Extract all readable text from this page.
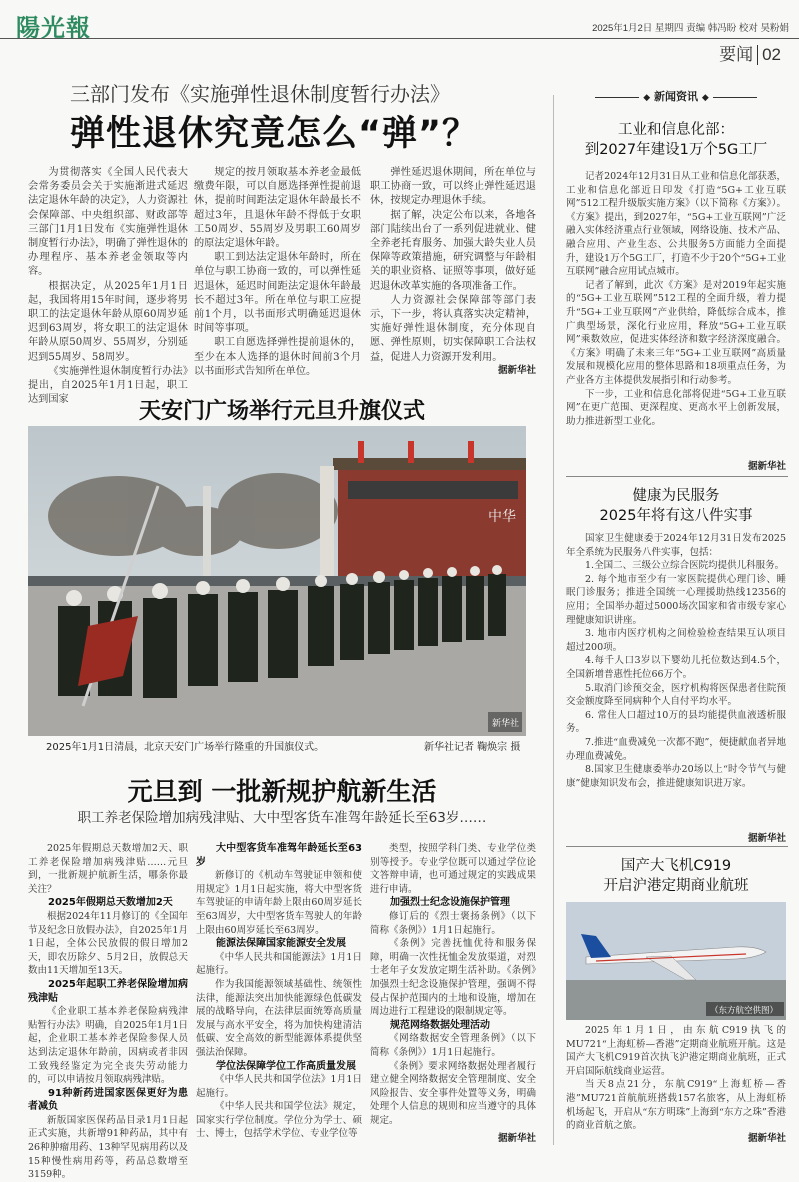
陽光報	2025年1月2日 星期四 责编 韩冯盼 校对 昊粉娟
要闻 02
三部门发布《实施弹性退休制度暂行办法》
弹性退休究竟怎么“弹”？

为贯彻落实《全国人民代表大会常务委员会关于实施渐进式延迟法定退休年龄的决定》，人力资源社会保障部、中央组织部、财政部等三部门1月1日发布《实施弹性退休制度暂行办法》，明确了弹性退休的办理程序、基本养老金领取等内容。

根据决定，从2025年1月1日起，我国将用15年时间，逐步将男职工的法定退休年龄从原60周岁延迟到63周岁，将女职工的法定退休年龄从原50周岁、55周岁，分别延迟到55周岁、58周岁。

《实施弹性退休制度暂行办法》提出，自2025年1月1日起，职工达到国家

规定的按月领取基本养老金最低缴费年限，可以自愿选择弹性提前退休，提前时间距法定退休年龄最长不超过3年，且退休年龄不得低于女职工50周岁、55周岁及男职工60周岁的原法定退休年龄。

职工到达法定退休年龄时，所在单位与职工协商一致的，可以弹性延迟退休，延迟时间距法定退休年龄最长不超过3年。所在单位与职工应提前1个月，以书面形式明确延迟退休时间等事项。

职工自愿选择弹性提前退休的，至少在本人选择的退休时间前3个月以书面形式告知所在单位。

弹性延迟退休期间，所在单位与职工协商一致，可以终止弹性延迟退休，按规定办理退休手续。

据了解，决定公布以来，各地各部门陆续出台了一系列促进就业、健全养老托育服务、加强大龄失业人员保障等政策措施，研究调整与年龄相关的职业资格、证照等事项，做好延迟退休改革实施的各项准备工作。

人力资源社会保障部等部门表示，下一步，将认真落实决定精神，实施好弹性退休制度，充分体现自愿、弹性原则，切实保障职工合法权益，促进人力资源开发利用。

据新华社
天安门广场举行元旦升旗仪式
中华
新华社
2025年1月1日清晨，北京天安门广场举行隆重的升国旗仪式。	新华社记者 鞠焕宗 摄
元旦到 一批新规护航新生活
职工养老保险增加病残津贴、大中型客货车准驾年龄延长至63岁……

2025年假期总天数增加2天、职工养老保险增加病残津贴……元旦到，一批新规护航新生活，哪条你最关注？

2025年假期总天数增加2天

根据2024年11月修订的《全国年节及纪念日放假办法》，自2025年1月1日起，全体公民放假的假日增加2天，即农历除夕、5月2日，放假总天数由11天增加至13天。

2025年起职工养老保险增加病残津贴

《企业职工基本养老保险病残津贴暂行办法》明确，自2025年1月1日起，企业职工基本养老保险参保人员达到法定退休年龄前，因病或者非因工致残经鉴定为完全丧失劳动能力的，可以申请按月领取病残津贴。

91种新药进国家医保更好为患者减负

新版国家医保药品目录1月1日起正式实施，共新增91种药品，其中有26种肿瘤用药、13种罕见病用药以及15种慢性病用药等，药品总数增至3159种。

大中型客货车准驾年龄延长至63岁

新修订的《机动车驾驶证申领和使用规定》1月1日起实施，将大中型客货车驾驶证的申请年龄上限由60周岁延长至63周岁，大中型客货车驾驶人的年龄上限由60周岁延长至63周岁。

能源法保障国家能源安全发展

《中华人民共和国能源法》1月1日起施行。

作为我国能源领域基础性、统领性法律，能源法突出加快能源绿色低碳发展的战略导向，在法律层面统筹高质量发展与高水平安全，将为加快构建清洁低碳、安全高效的新型能源体系提供坚强法治保障。

学位法保障学位工作高质量发展

《中华人民共和国学位法》1月1日起施行。

《中华人民共和国学位法》规定，国家实行学位制度。学位分为学士、硕士、博士，包括学术学位、专业学位等

类型，按照学科门类、专业学位类别等授予。专业学位既可以通过学位论文答辩申请，也可通过规定的实践成果进行申请。

加强烈士纪念设施保护管理

修订后的《烈士褒扬条例》（以下简称《条例》）1月1日起施行。

《条例》完善抚恤优待和服务保障，明确一次性抚恤金发放渠道，对烈士老年子女发放定期生活补助。《条例》加强烈士纪念设施保护管理，强调不得侵占保护范围内的土地和设施，增加在周边进行工程建设的限制规定等。

规范网络数据处理活动

《网络数据安全管理条例》（以下简称《条例》）1月1日起施行。

《条例》要求网络数据处理者履行建立健全网络数据安全管理制度、安全风险报告、安全事件处置等义务，明确处理个人信息的规则和应当遵守的具体规定。

据新华社
◆ 新闻资讯 ◆
工业和信息化部：
到2027年建设1万个5G工厂

记者2024年12月31日从工业和信息化部获悉，工业和信息化部近日印发《打造“5G+工业互联网”512工程升级版实施方案》（以下简称《方案》）。《方案》提出，到2027年，“5G+工业互联网”广泛融入实体经济重点行业领域，网络设施、技术产品、融合应用、产业生态、公共服务5方面能力全面提升，建设1万个5G工厂，打造不少于20个“5G+工业互联网”融合应用试点城市。

记者了解到，此次《方案》是对2019年起实施的“5G+工业互联网”512工程的全面升级，着力提升“5G+工业互联网”产业供给，降低综合成本，推广典型场景，深化行业应用，释放“5G+工业互联网”乘数效应，促进实体经济和数字经济深度融合。《方案》明确了未来三年“5G+工业互联网”高质量发展和规模化应用的整体思路和18项重点任务，为产业各方主体提供发展指引和行动参考。

下一步，工业和信息化部将促进“5G+工业互联网”在更广范围、更深程度、更高水平上创新发展，助力推进新型工业化。

据新华社
健康为民服务
2025年将有这八件实事

国家卫生健康委于2024年12月31日发布2025年全系统为民服务八件实事，包括：

1.全国二、三级公立综合医院均提供儿科服务。

2. 每个地市至少有一家医院提供心理门诊、睡眠门诊服务；推进全国统一心理援助热线12356的应用；全国举办超过5000场次国家和省市级专家心理健康知识讲座。

3. 地市内医疗机构之间检验检查结果互认项目超过200项。

4.每千人口3岁以下婴幼儿托位数达到4.5个，全国新增普惠性托位66万个。

5.取消门诊预交金，医疗机构将医保患者住院预交金额度降至同病种个人自付平均水平。

6. 常住人口超过10万的县均能提供血液透析服务。

7.推进“血费减免一次都不跑”，便捷献血者异地办理血费减免。

8.国家卫生健康委举办20场以上“时令节气与健康”健康知识发布会，推进健康知识进万家。

据新华社
国产大飞机C919
开启沪港定期商业航班
（东方航空供图）

2025年1月1日，由东航C919执飞的MU721“上海虹桥—香港”定期商业航班开航。这是国产大飞机C919首次执飞沪港定期商业航班，正式开启国际航线商业运营。

当天8点21分，东航C919“上海虹桥—香港”MU721首航航班搭载157名旅客，从上海虹桥机场起飞，开启从“东方明珠”上海到“东方之珠”香港的商业首航之旅。

据新华社
